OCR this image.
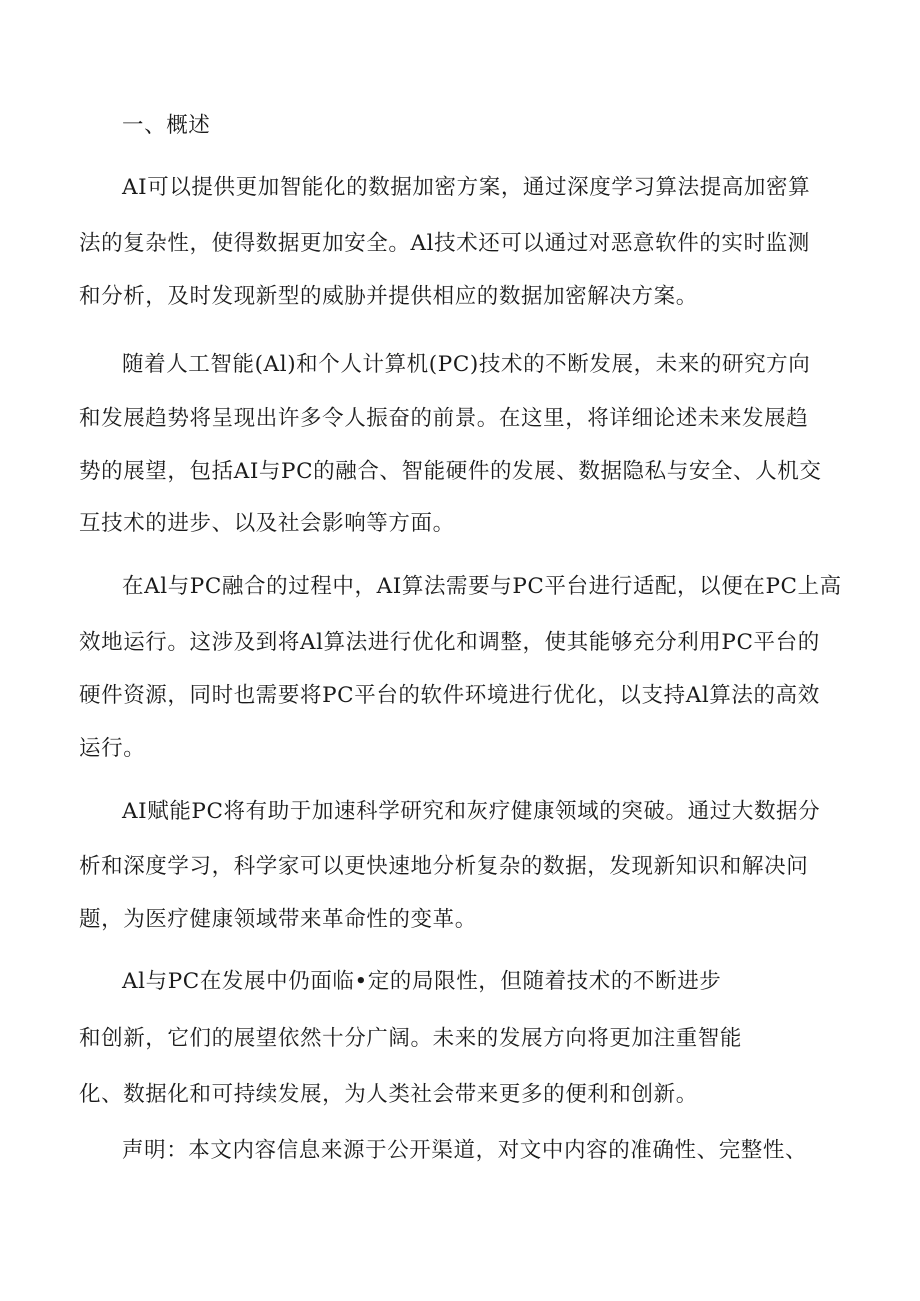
一、概述
AI可以提供更加智能化的数据加密方案，通过深度学习算法提高加密算
法的复杂性，使得数据更加安全。Al技术还可以通过对恶意软件的实时监测
和分析，及时发现新型的威胁并提供相应的数据加密解决方案。
随着人工智能(Al)和个人计算机(PC)技术的不断发展，未来的研究方向
和发展趋势将呈现出许多令人振奋的前景。在这里，将详细论述未来发展趋
势的展望，包括AI与PC的融合、智能硬件的发展、数据隐私与安全、人机交
互技术的进步、以及社会影响等方面。
在Al与PC融合的过程中，AI算法需要与PC平台进行适配，以便在PC上高
效地运行。这涉及到将Al算法进行优化和调整，使其能够充分利用PC平台的
硬件资源，同时也需要将PC平台的软件环境进行优化，以支持Al算法的高效
运行。
AI赋能PC将有助于加速科学研究和灰疗健康领域的突破。通过大数据分
析和深度学习，科学家可以更快速地分析复杂的数据，发现新知识和解决问
题，为医疗健康领域带来革命性的变革。
Al与PC在发展中仍面临•定的局限性，但随着技术的不断进步
和创新，它们的展望依然十分广阔。未来的发展方向将更加注重智能
化、数据化和可持续发展，为人类社会带来更多的便利和创新。
声明：本文内容信息来源于公开渠道，对文中内容的准确性、完整性、
